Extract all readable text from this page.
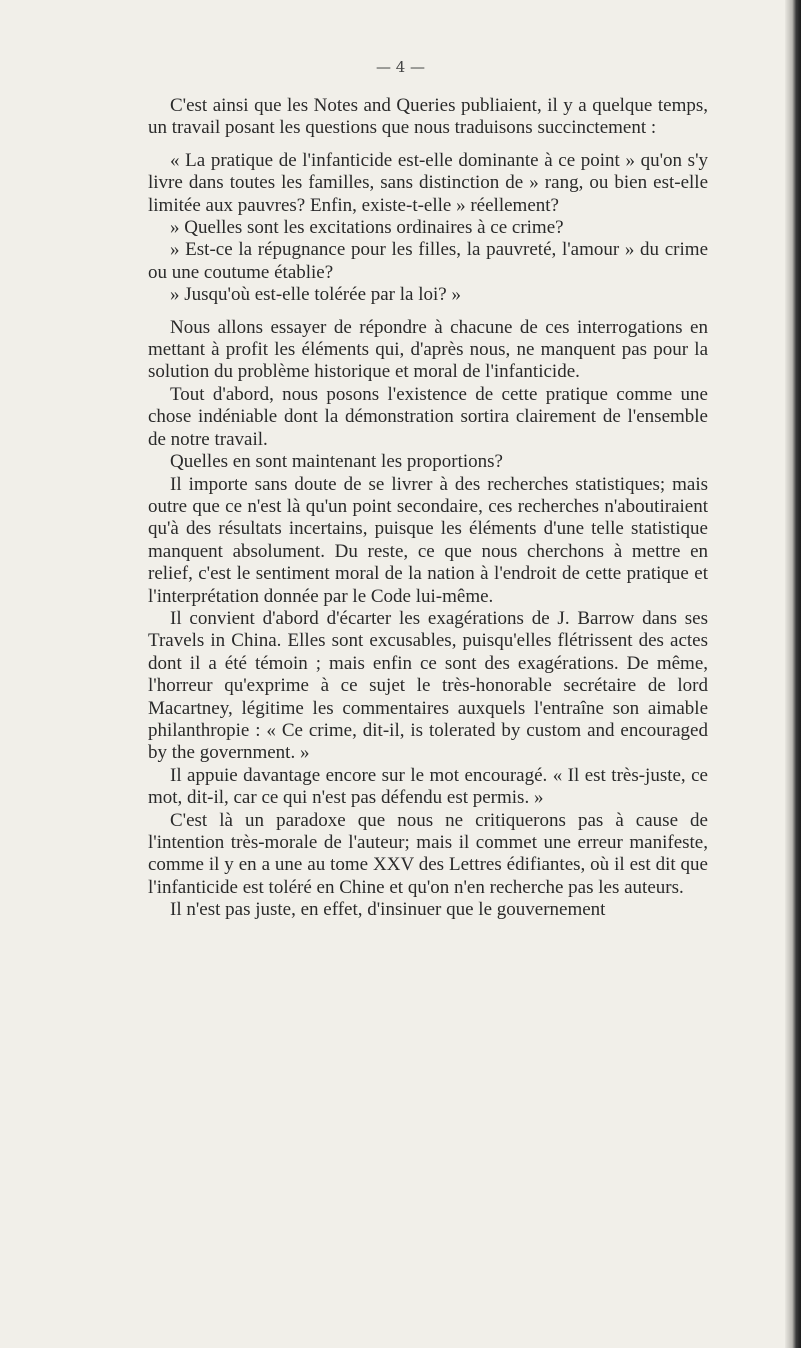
— 4 —

C'est ainsi que les Notes and Queries publiaient, il y a quelque temps, un travail posant les questions que nous traduisons succinctement :

« La pratique de l'infanticide est-elle dominante à ce point » qu'on s'y livre dans toutes les familles, sans distinction de » rang, ou bien est-elle limitée aux pauvres? Enfin, existe-t-elle » réellement?

» Quelles sont les excitations ordinaires à ce crime?

» Est-ce la répugnance pour les filles, la pauvreté, l'amour » du crime ou une coutume établie?

» Jusqu'où est-elle tolérée par la loi? »

Nous allons essayer de répondre à chacune de ces interrogations en mettant à profit les éléments qui, d'après nous, ne manquent pas pour la solution du problème historique et moral de l'infanticide.

Tout d'abord, nous posons l'existence de cette pratique comme une chose indéniable dont la démonstration sortira clairement de l'ensemble de notre travail.

Quelles en sont maintenant les proportions?

Il importe sans doute de se livrer à des recherches statistiques; mais outre que ce n'est là qu'un point secondaire, ces recherches n'aboutiraient qu'à des résultats incertains, puisque les éléments d'une telle statistique manquent absolument. Du reste, ce que nous cherchons à mettre en relief, c'est le sentiment moral de la nation à l'endroit de cette pratique et l'interprétation donnée par le Code lui-même.

Il convient d'abord d'écarter les exagérations de J. Barrow dans ses Travels in China. Elles sont excusables, puisqu'elles flétrissent des actes dont il a été témoin ; mais enfin ce sont des exagérations. De même, l'horreur qu'exprime à ce sujet le très-honorable secrétaire de lord Macartney, légitime les commentaires auxquels l'entraîne son aimable philanthropie : « Ce crime, dit-il, is tolerated by custom and encouraged by the government. »

Il appuie davantage encore sur le mot encouragé. « Il est très-juste, ce mot, dit-il, car ce qui n'est pas défendu est permis. »

C'est là un paradoxe que nous ne critiquerons pas à cause de l'intention très-morale de l'auteur; mais il commet une erreur manifeste, comme il y en a une au tome XXV des Lettres édifiantes, où il est dit que l'infanticide est toléré en Chine et qu'on n'en recherche pas les auteurs.

Il n'est pas juste, en effet, d'insinuer que le gouvernement
